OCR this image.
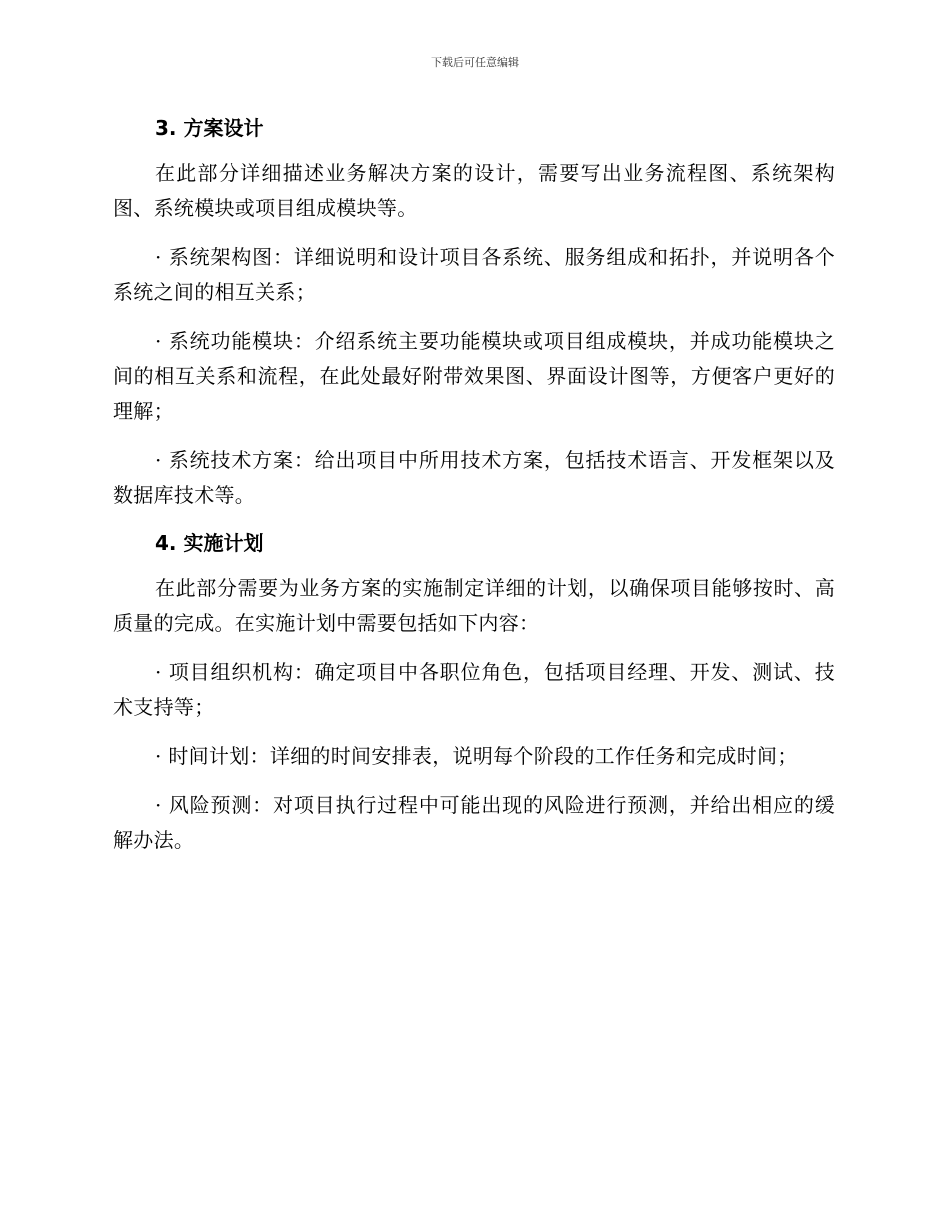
下载后可任意编辑
3. 方案设计

在此部分详细描述业务解决方案的设计，需要写出业务流程图、系统架构图、系统模块或项目组成模块等。

· 系统架构图：详细说明和设计项目各系统、服务组成和拓扑，并说明各个系统之间的相互关系；

· 系统功能模块：介绍系统主要功能模块或项目组成模块，并成功能模块之间的相互关系和流程，在此处最好附带效果图、界面设计图等，方便客户更好的理解；

· 系统技术方案：给出项目中所用技术方案，包括技术语言、开发框架以及数据库技术等。

4. 实施计划

在此部分需要为业务方案的实施制定详细的计划，以确保项目能够按时、高质量的完成。在实施计划中需要包括如下内容：

· 项目组织机构：确定项目中各职位角色，包括项目经理、开发、测试、技术支持等；

· 时间计划：详细的时间安排表，说明每个阶段的工作任务和完成时间；

· 风险预测：对项目执行过程中可能出现的风险进行预测，并给出相应的缓解办法。
